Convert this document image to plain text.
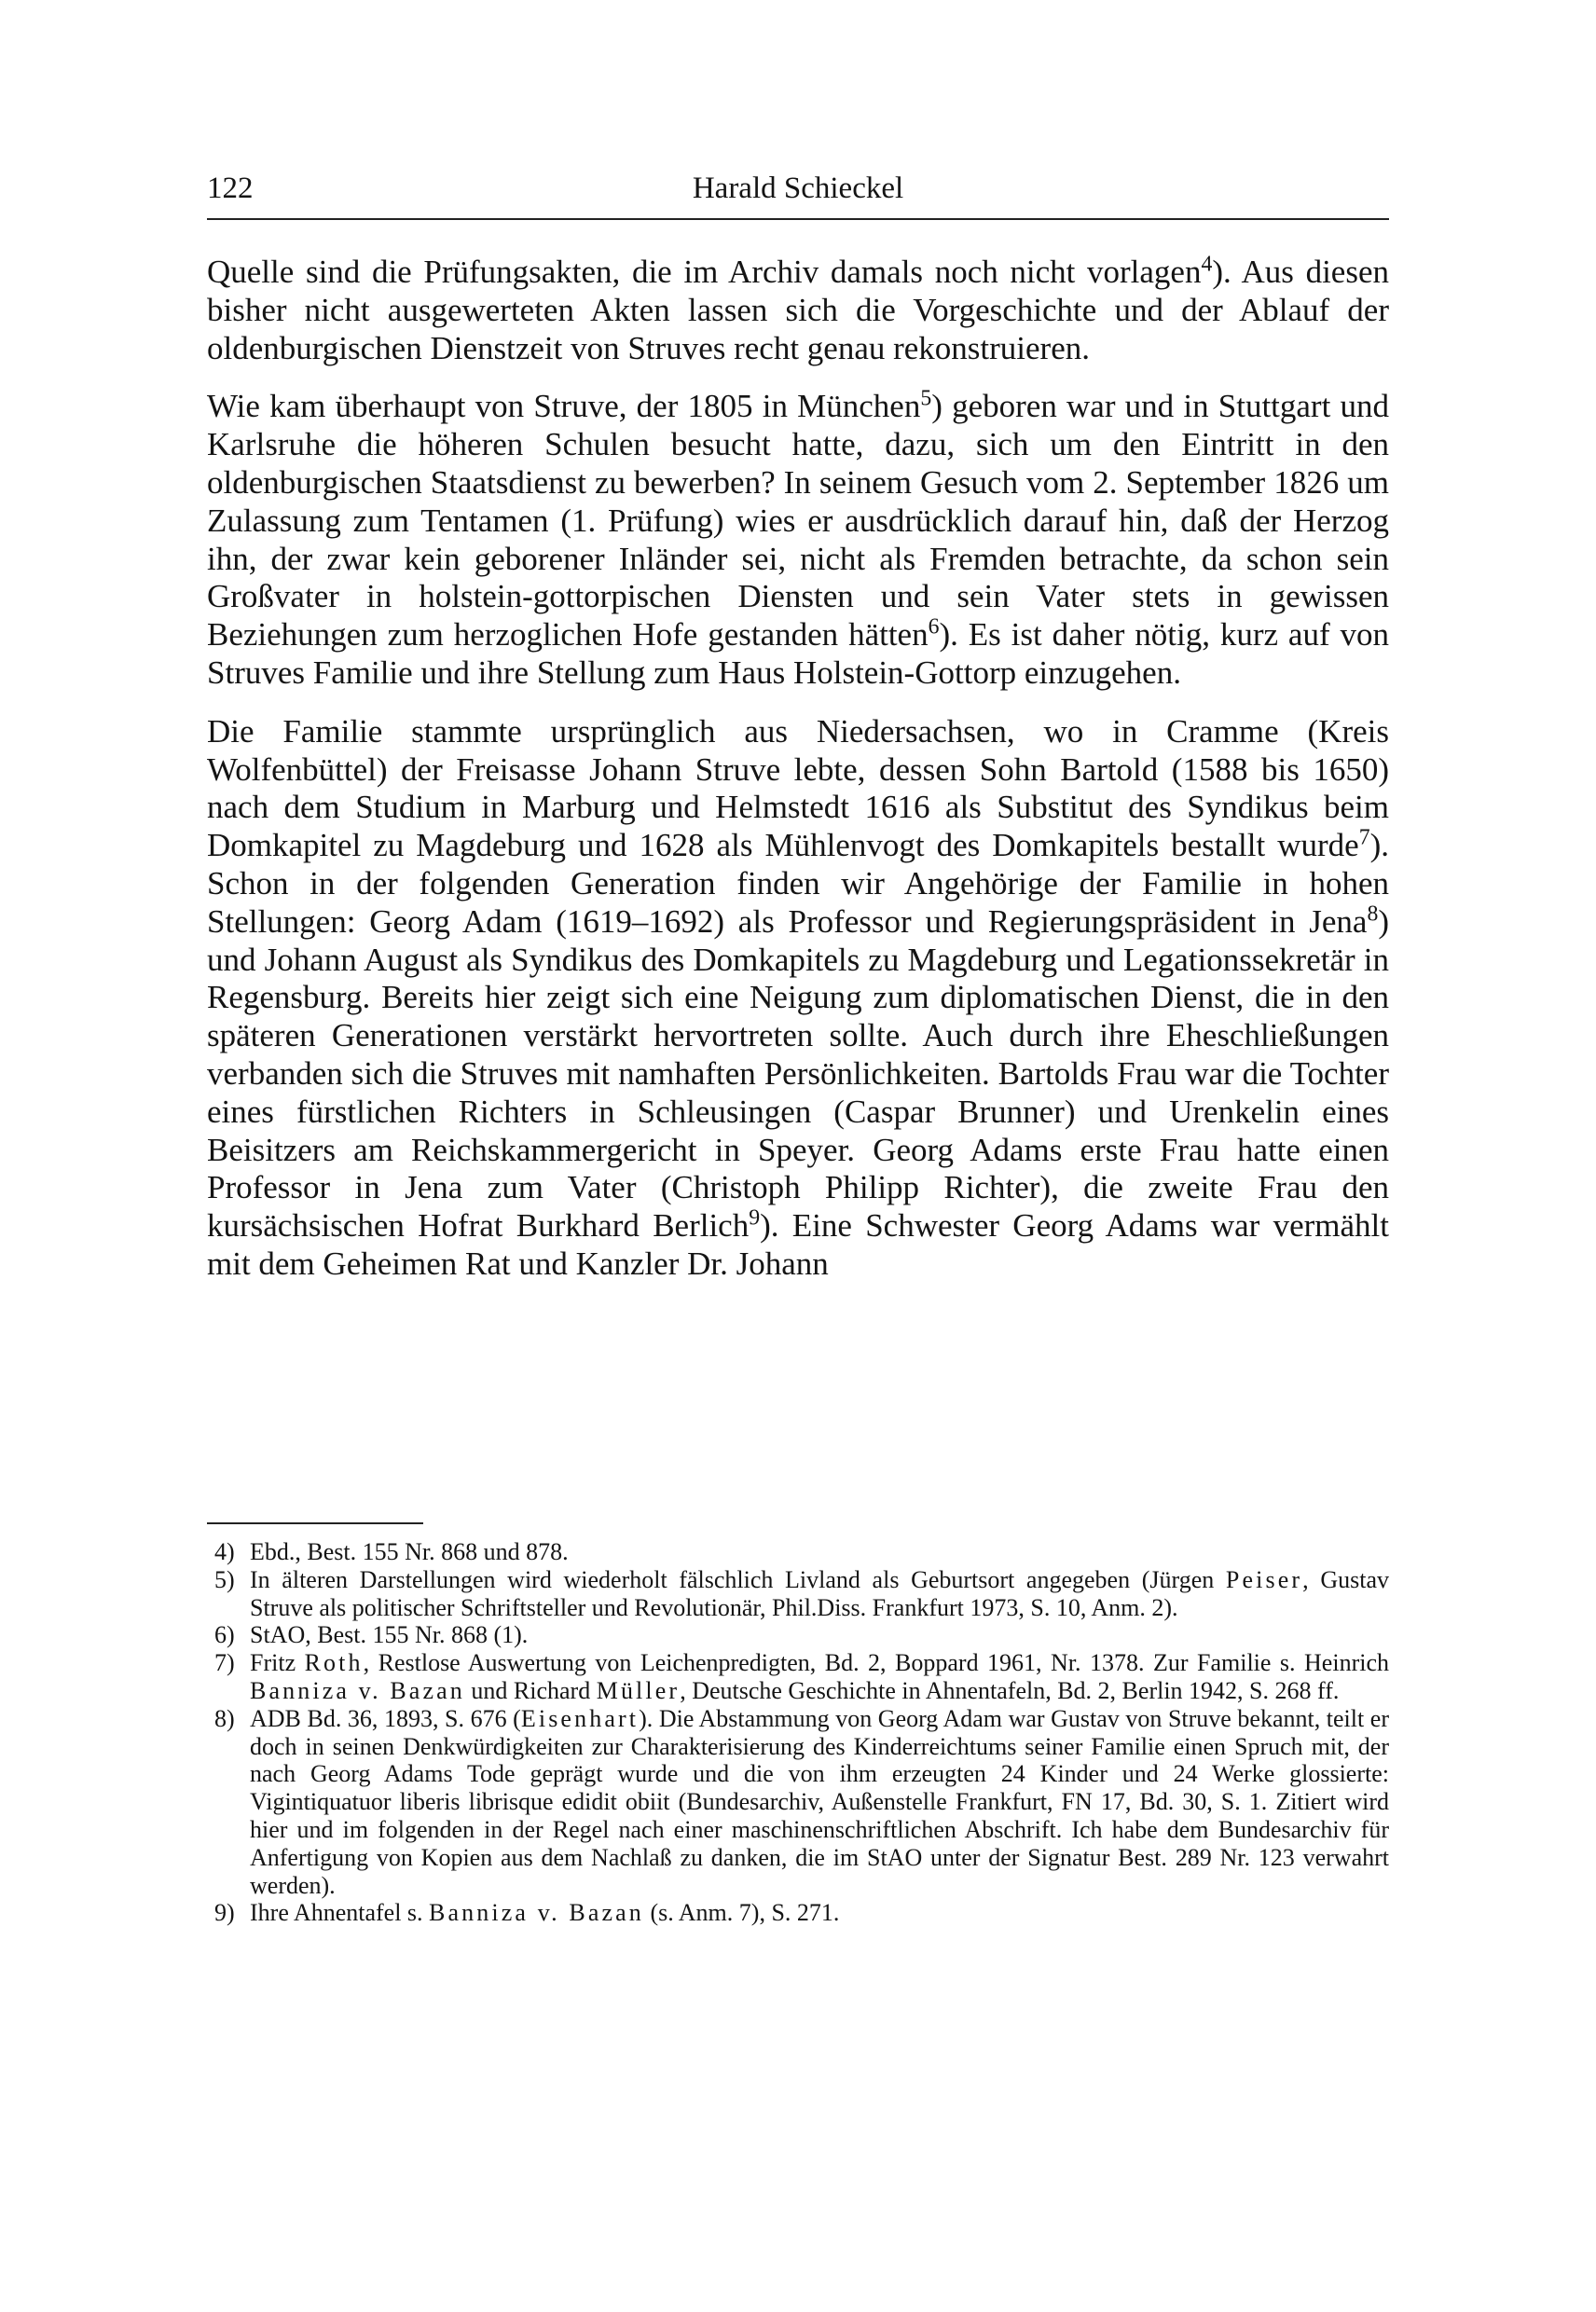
122	Harald Schieckel

Quelle sind die Prüfungsakten, die im Archiv damals noch nicht vorlagen$^4$). Aus diesen bisher nicht ausgewerteten Akten lassen sich die Vorgeschichte und der Ablauf der oldenburgischen Dienstzeit von Struves recht genau rekonstruieren.

Wie kam überhaupt von Struve, der 1805 in München$^5$) geboren war und in Stuttgart und Karlsruhe die höheren Schulen besucht hatte, dazu, sich um den Eintritt in den oldenburgischen Staatsdienst zu bewerben? In seinem Gesuch vom 2. September 1826 um Zulassung zum Tentamen (1. Prüfung) wies er ausdrücklich darauf hin, daß der Herzog ihn, der zwar kein geborener Inländer sei, nicht als Fremden betrachte, da schon sein Großvater in holstein-gottorpischen Diensten und sein Vater stets in gewissen Beziehungen zum herzoglichen Hofe gestanden hätten$^6$). Es ist daher nötig, kurz auf von Struves Familie und ihre Stellung zum Haus Holstein-Gottorp einzugehen.

Die Familie stammte ursprünglich aus Niedersachsen, wo in Cramme (Kreis Wolfenbüttel) der Freisasse Johann Struve lebte, dessen Sohn Bartold (1588 bis 1650) nach dem Studium in Marburg und Helmstedt 1616 als Substitut des Syndikus beim Domkapitel zu Magdeburg und 1628 als Mühlenvogt des Domkapitels bestallt wurde$^7$). Schon in der folgenden Generation finden wir Angehörige der Familie in hohen Stellungen: Georg Adam (1619–1692) als Professor und Regierungspräsident in Jena$^8$) und Johann August als Syndikus des Domkapitels zu Magdeburg und Legationssekretär in Regensburg. Bereits hier zeigt sich eine Neigung zum diplomatischen Dienst, die in den späteren Generationen verstärkt hervortreten sollte. Auch durch ihre Eheschließungen verbanden sich die Struves mit namhaften Persönlichkeiten. Bartolds Frau war die Tochter eines fürstlichen Richters in Schleusingen (Caspar Brunner) und Urenkelin eines Beisitzers am Reichskammergericht in Speyer. Georg Adams erste Frau hatte einen Professor in Jena zum Vater (Christoph Philipp Richter), die zweite Frau den kursächsischen Hofrat Burkhard Berlich$^9$). Eine Schwester Georg Adams war vermählt mit dem Geheimen Rat und Kanzler Dr. Johann

4) Ebd., Best. 155 Nr. 868 und 878.

5) In älteren Darstellungen wird wiederholt fälschlich Livland als Geburtsort angegeben (Jürgen Peiser, Gustav Struve als politischer Schriftsteller und Revolutionär, Phil.Diss. Frankfurt 1973, S. 10, Anm. 2).

6) StAO, Best. 155 Nr. 868 (1).

7) Fritz Roth, Restlose Auswertung von Leichenpredigten, Bd. 2, Boppard 1961, Nr. 1378. Zur Familie s. Heinrich Banniza v. Bazan und Richard Müller, Deutsche Geschichte in Ahnentafeln, Bd. 2, Berlin 1942, S. 268 ff.

8) ADB Bd. 36, 1893, S. 676 (Eisenhart). Die Abstammung von Georg Adam war Gustav von Struve bekannt, teilt er doch in seinen Denkwürdigkeiten zur Charakterisierung des Kinderreichtums seiner Familie einen Spruch mit, der nach Georg Adams Tode geprägt wurde und die von ihm erzeugten 24 Kinder und 24 Werke glossierte: Vigintiquatuor liberis librisque edidit obiit (Bundesarchiv, Außenstelle Frankfurt, FN 17, Bd. 30, S. 1. Zitiert wird hier und im folgenden in der Regel nach einer maschinenschriftlichen Abschrift. Ich habe dem Bundesarchiv für Anfertigung von Kopien aus dem Nachlaß zu danken, die im StAO unter der Signatur Best. 289 Nr. 123 verwahrt werden).

9) Ihre Ahnentafel s. Banniza v. Bazan (s. Anm. 7), S. 271.
